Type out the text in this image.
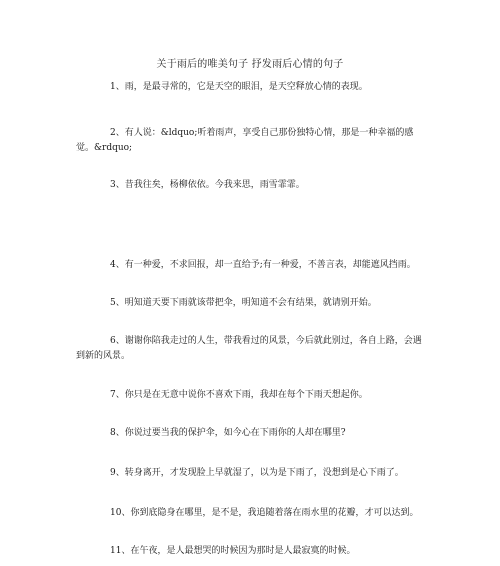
关于雨后的唯美句子 抒发雨后心情的句子

1、雨，是最寻常的，它是天空的眼泪，是天空释放心情的表现。

2、有人说：&ldquo;听着雨声，享受自己那份独特心情，那是一种幸福的感觉。&rdquo;

3、昔我往矣，杨柳依依。今我来思，雨雪霏霏。

4、有一种爱，不求回报，却一直给予;有一种爱，不善言表，却能遮风挡雨。

5、明知道天要下雨就该带把伞，明知道不会有结果，就请别开始。

6、谢谢你陪我走过的人生，带我看过的风景，今后就此别过，各自上路，会遇到新的风景。

7、你只是在无意中说你不喜欢下雨，我却在每个下雨天想起你。

8、你说过要当我的保护伞，如今心在下雨你的人却在哪里?

9、转身离开，才发现脸上早就湿了，以为是下雨了，没想到是心下雨了。

10、你到底隐身在哪里，是不是，我追随着落在雨水里的花瓣，才可以达到。

11、在午夜，是人最想哭的时候因为那时是人最寂寞的时候。
